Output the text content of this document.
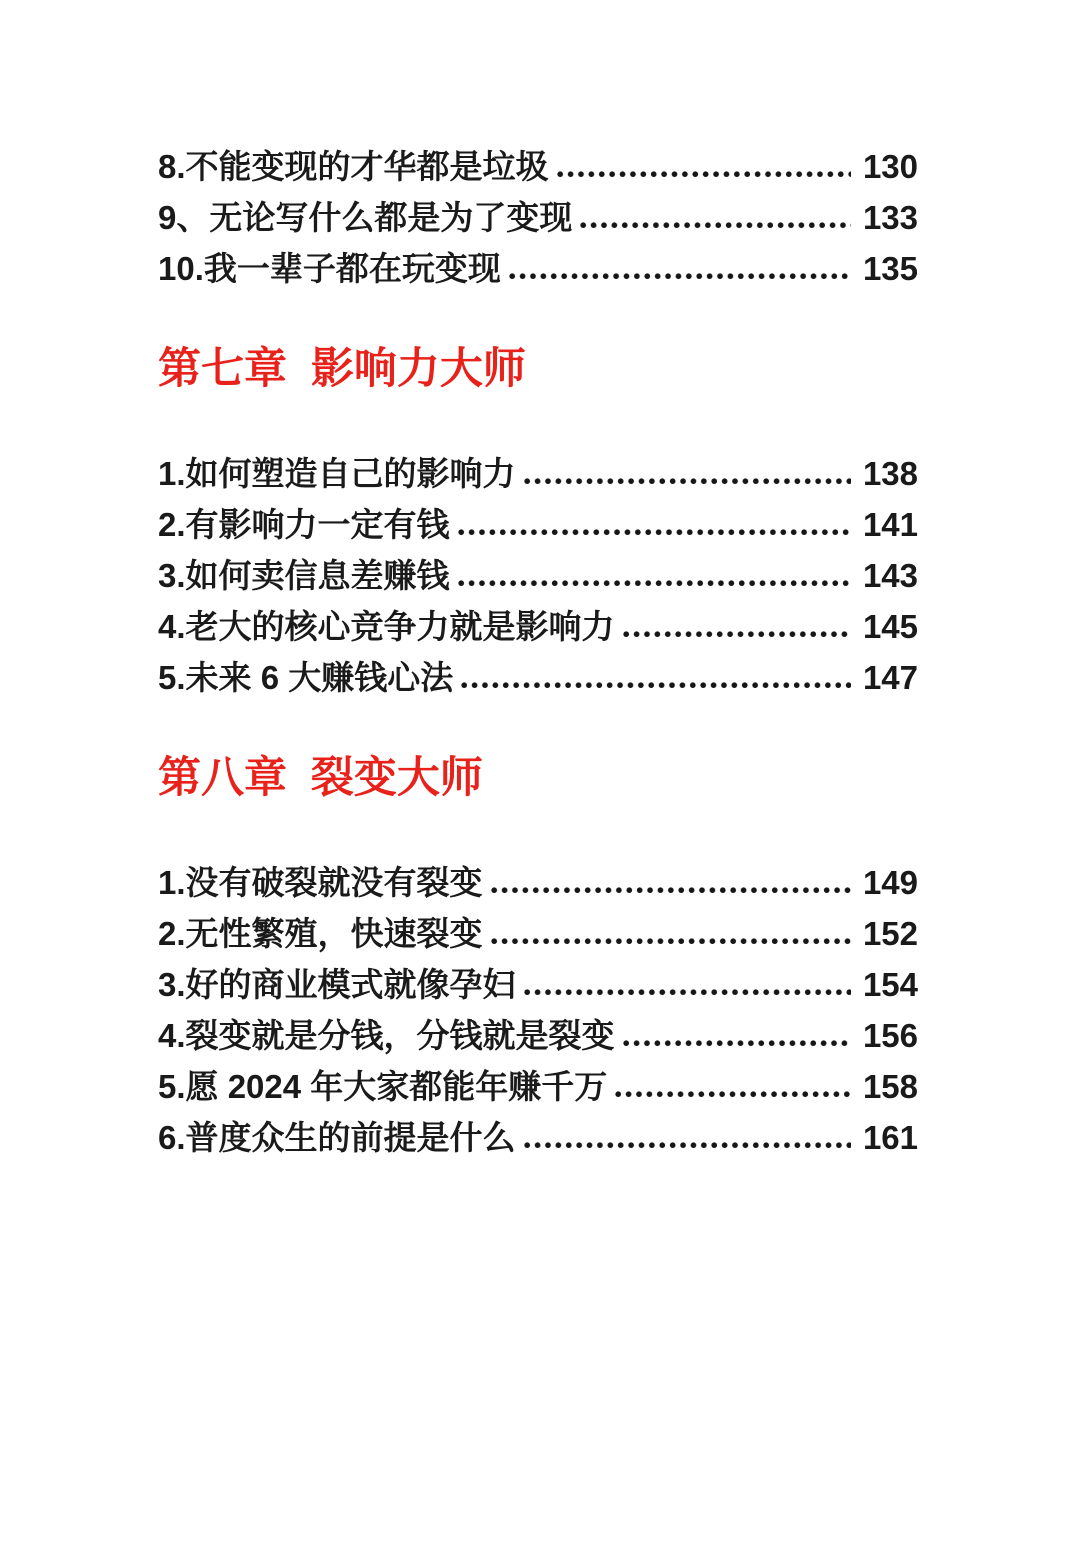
8.不能变现的才华都是垃圾	130
9、无论写什么都是为了变现	133
10.我一辈子都在玩变现	135
第七章  影响力大师
1.如何塑造自己的影响力	138
2.有影响力一定有钱	141
3.如何卖信息差赚钱	143
4.老大的核心竞争力就是影响力	145
5.未来 6 大赚钱心法	147
第八章  裂变大师
1.没有破裂就没有裂变	149
2.无性繁殖，快速裂变	152
3.好的商业模式就像孕妇	154
4.裂变就是分钱，分钱就是裂变	156
5.愿 2024 年大家都能年赚千万	158
6.普度众生的前提是什么	161
